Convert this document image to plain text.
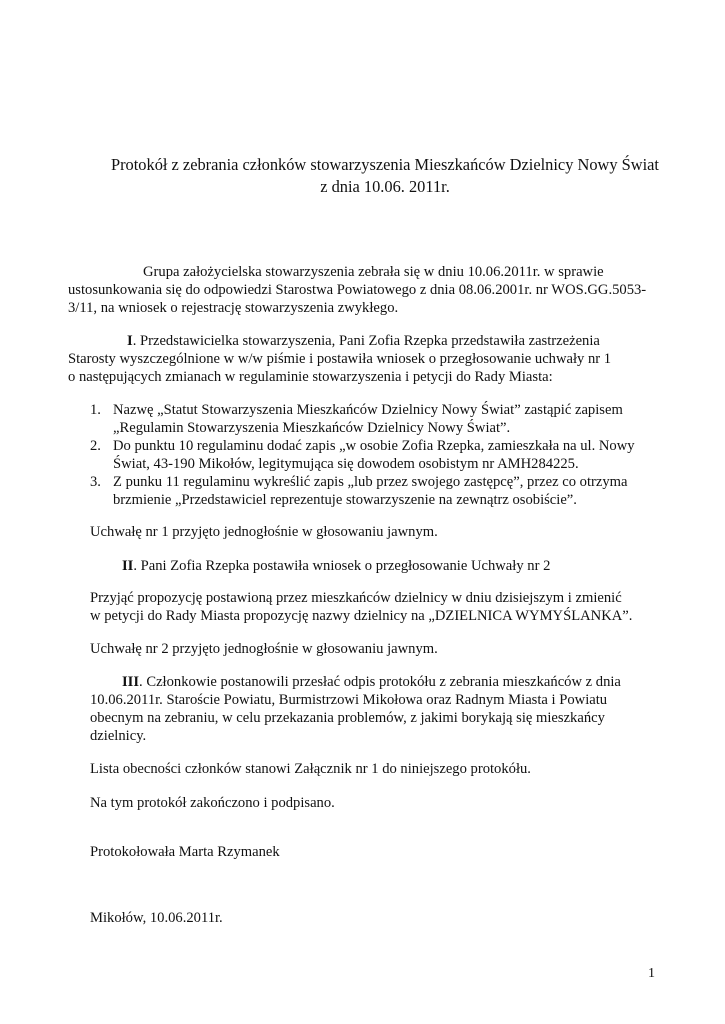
Protokół z zebrania członków stowarzyszenia Mieszkańców Dzielnicy Nowy Świat
z dnia 10.06. 2011r.
Grupa założycielska stowarzyszenia zebrała się w dniu 10.06.2011r. w sprawie
ustosunkowania się do odpowiedzi Starostwa Powiatowego z dnia 08.06.2001r. nr WOS.GG.5053-
3/11, na wniosek o rejestrację stowarzyszenia zwykłego.
I. Przedstawicielka stowarzyszenia, Pani Zofia Rzepka przedstawiła zastrzeżenia
Starosty wyszczególnione w w/w piśmie i postawiła wniosek o przegłosowanie uchwały nr 1
o następujących zmianach w regulaminie stowarzyszenia i petycji do Rady Miasta:
1. Nazwę „Statut Stowarzyszenia Mieszkańców Dzielnicy Nowy Świat” zastąpić zapisem
„Regulamin Stowarzyszenia Mieszkańców Dzielnicy Nowy Świat”.
2. Do punktu 10 regulaminu dodać zapis „w osobie Zofia Rzepka, zamieszkała na ul. Nowy
Świat, 43-190 Mikołów, legitymująca się dowodem osobistym nr AMH284225.
3. Z punku 11 regulaminu wykreślić zapis „lub przez swojego zastępcę”, przez co otrzyma
brzmienie „Przedstawiciel reprezentuje stowarzyszenie na zewnątrz osobiście”.
Uchwałę nr 1 przyjęto jednogłośnie w głosowaniu jawnym.
II. Pani Zofia Rzepka postawiła wniosek o przegłosowanie Uchwały nr 2
Przyjąć propozycję postawioną przez mieszkańców dzielnicy w dniu dzisiejszym i zmienić
w petycji do Rady Miasta propozycję nazwy dzielnicy na „DZIELNICA WYMYŚLANKA”.
Uchwałę nr 2 przyjęto jednogłośnie w głosowaniu jawnym.
III. Członkowie postanowili przesłać odpis protokółu z zebrania mieszkańców z dnia
10.06.2011r. Staroście Powiatu, Burmistrzowi Mikołowa oraz Radnym Miasta i Powiatu
obecnym na zebraniu, w celu przekazania problemów, z jakimi borykają się mieszkańcy
dzielnicy.
Lista obecności członków stanowi Załącznik nr 1 do niniejszego protokółu.
Na tym protokół zakończono i podpisano.
Protokołowała Marta Rzymanek
Mikołów, 10.06.2011r.
1
